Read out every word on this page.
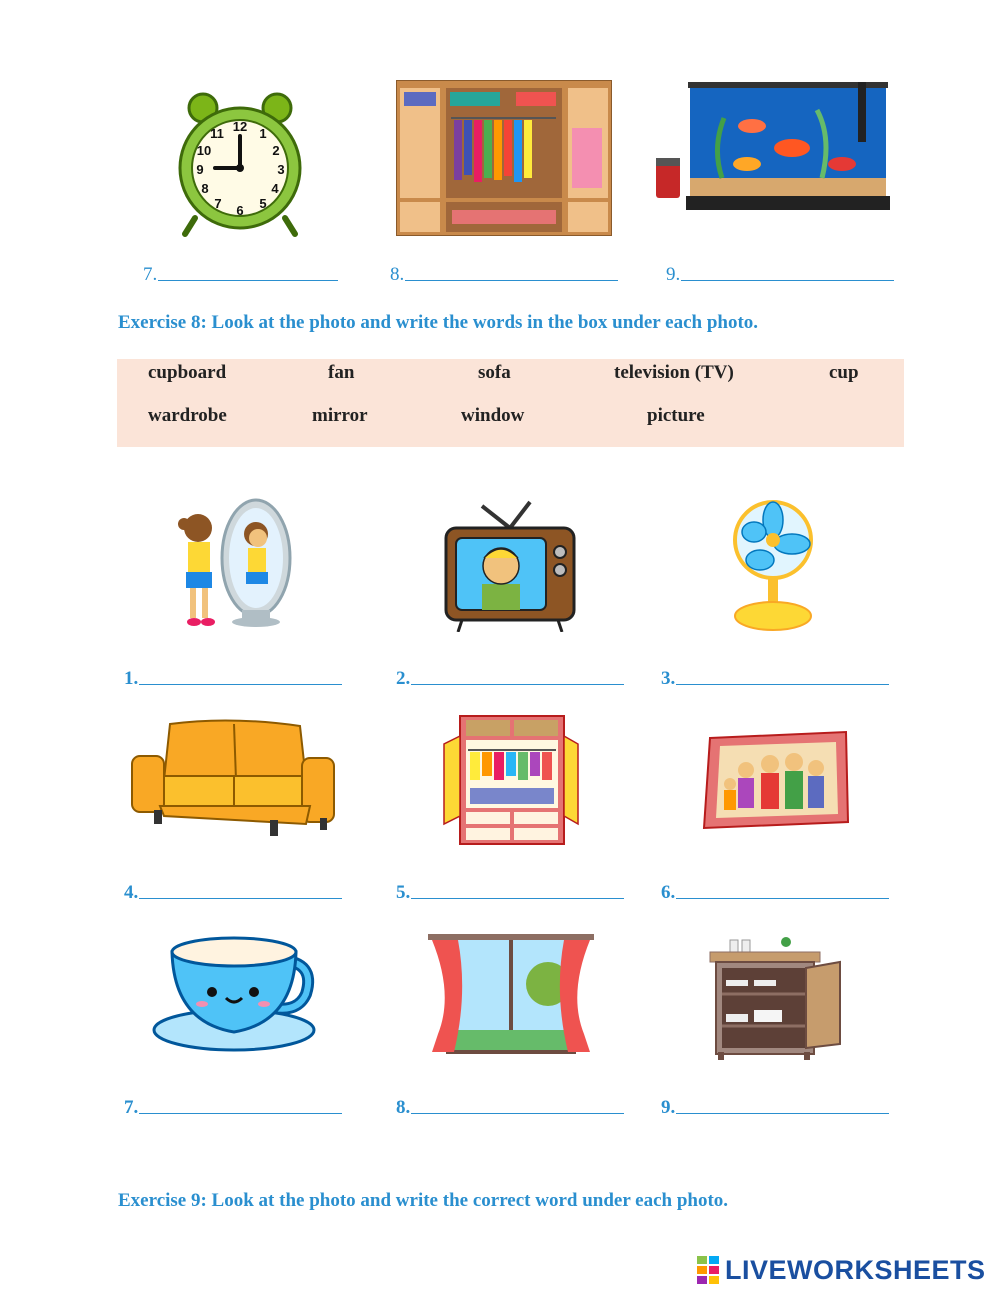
12 1
2
3
4
5
6
7
8
9
10
11
7.	8.	9.
Exercise 8: Look at the photo and write the words in the box under each photo.
cupboard	fan	sofa	television (TV)	cup
wardrobe	mirror	window	picture
1.	2.	3.
4.	5.	6.
7.	8.	9.
Exercise 9: Look at the photo and write the correct word under each photo.
LIVEWORKSHEETS
